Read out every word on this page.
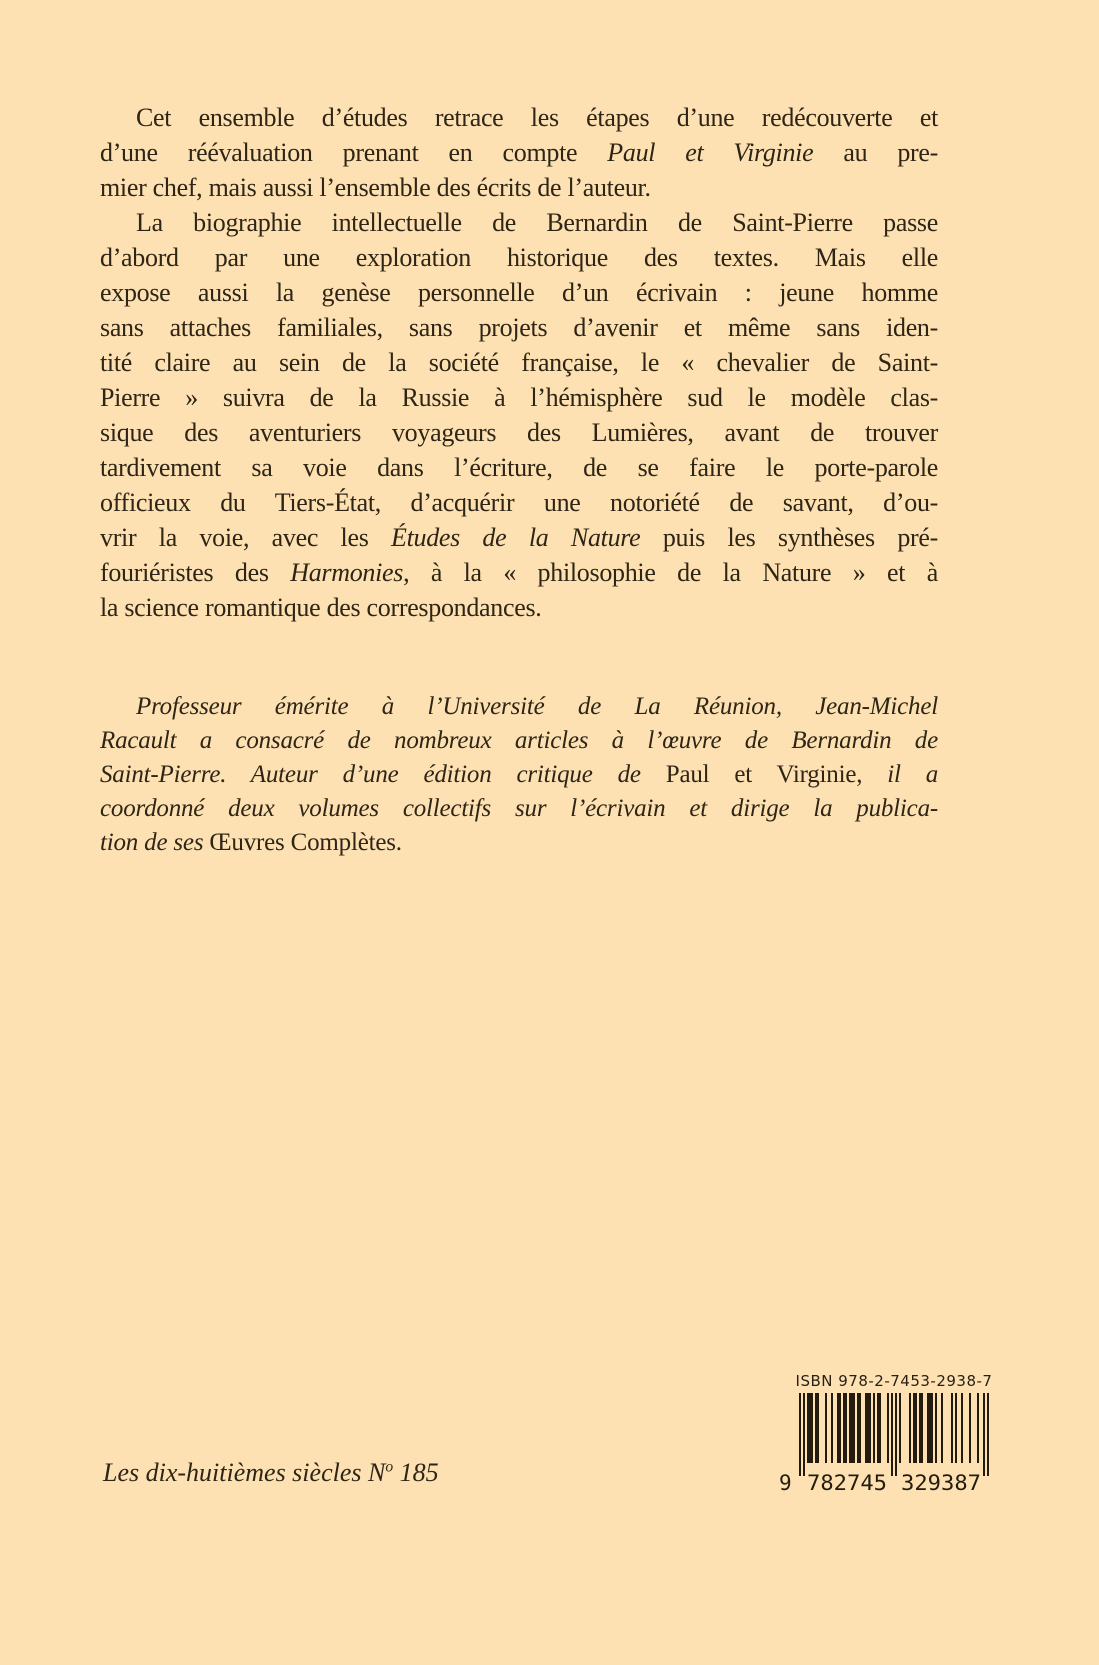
Cet ensemble d’études retrace les étapes d’une redécouverte et
d’une réévaluation prenant en compte Paul et Virginie au pre-
mier chef, mais aussi l’ensemble des écrits de l’auteur.
La biographie intellectuelle de Bernardin de Saint-Pierre passe
d’abord par une exploration historique des textes. Mais elle
expose aussi la genèse personnelle d’un écrivain : jeune homme
sans attaches familiales, sans projets d’avenir et même sans iden-
tité claire au sein de la société française, le « chevalier de Saint-
Pierre » suivra de la Russie à l’hémisphère sud le modèle clas-
sique des aventuriers voyageurs des Lumières, avant de trouver
tardivement sa voie dans l’écriture, de se faire le porte-parole
officieux du Tiers-État, d’acquérir une notoriété de savant, d’ou-
vrir la voie, avec les Études de la Nature puis les synthèses pré-
fouriéristes des Harmonies, à la « philosophie de la Nature » et à
la science romantique des correspondances.
Professeur émérite à l’Université de La Réunion, Jean-Michel
Racault a consacré de nombreux articles à l’œuvre de Bernardin de
Saint-Pierre. Auteur d’une édition critique de Paul et Virginie, il a
coordonné deux volumes collectifs sur l’écrivain et dirige la publica-
tion de ses Œuvres Complètes.
Les dix-huitièmes siècles $N^o$ 185
ISBN 978-2-7453-2938-7
9 782745 329387
